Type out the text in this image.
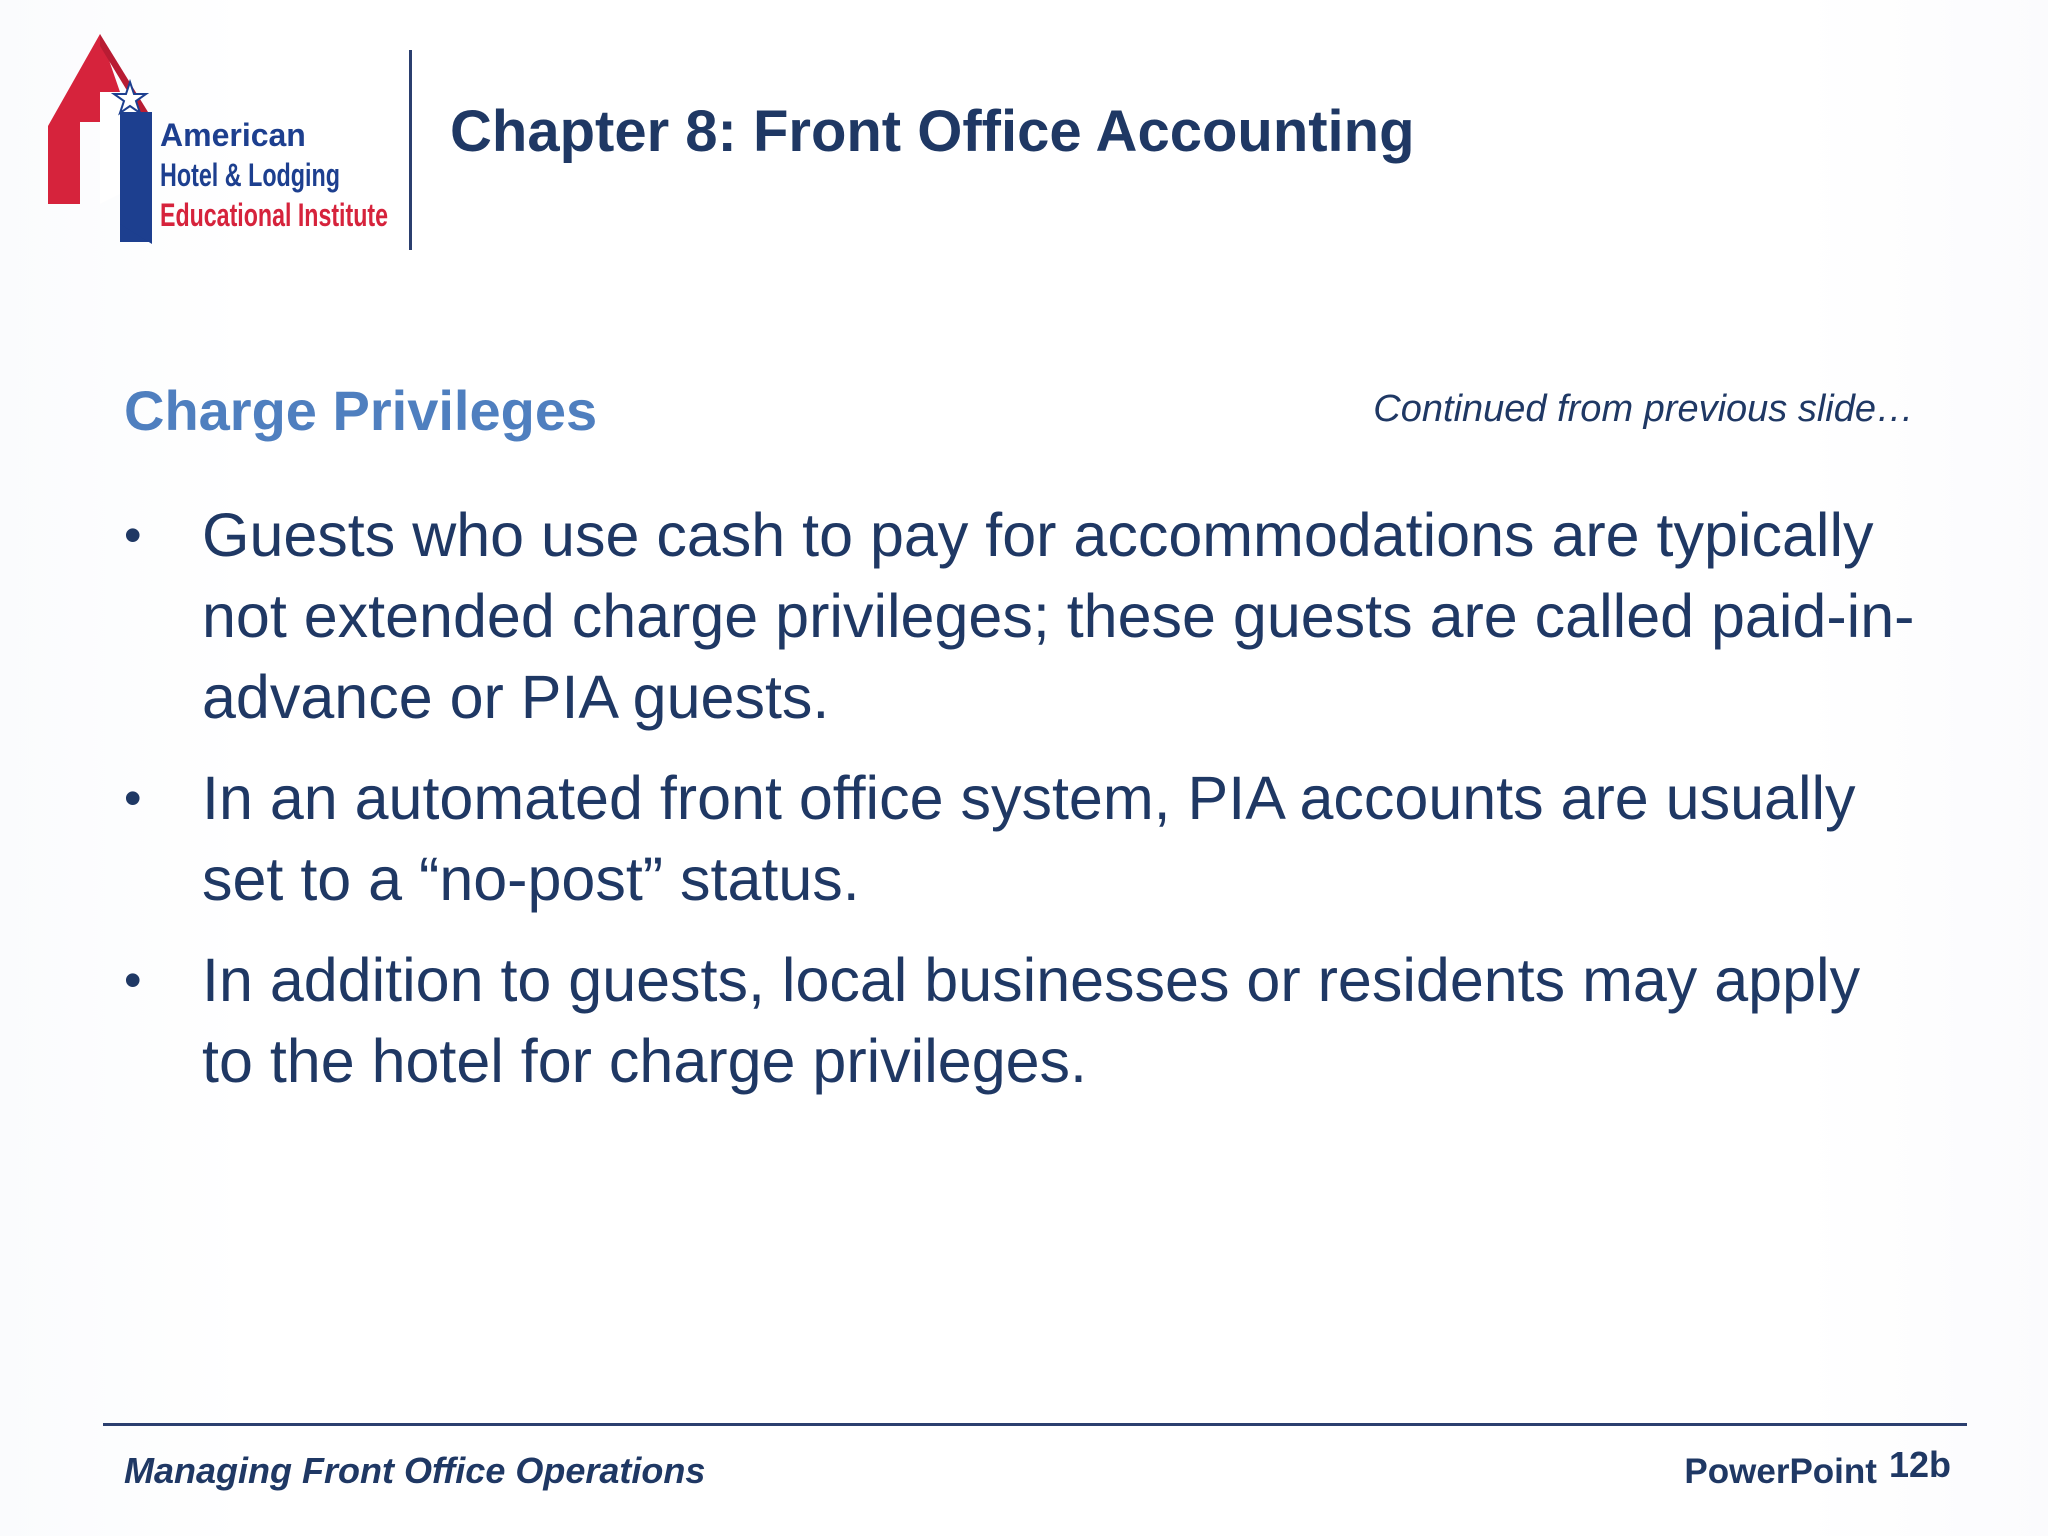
American
Hotel & Lodging
Educational Institute
Chapter 8: Front Office Accounting
Charge Privileges	Continued from previous slide…
• Guests who use cash to pay for accommodations are typically not extended charge privileges; these guests are called paid-in-advance or PIA guests.
• In an automated front office system, PIA accounts are usually set to a “no-post” status.
• In addition to guests, local businesses or residents may apply to the hotel for charge privileges.
Managing Front Office Operations	PowerPoint 12b
